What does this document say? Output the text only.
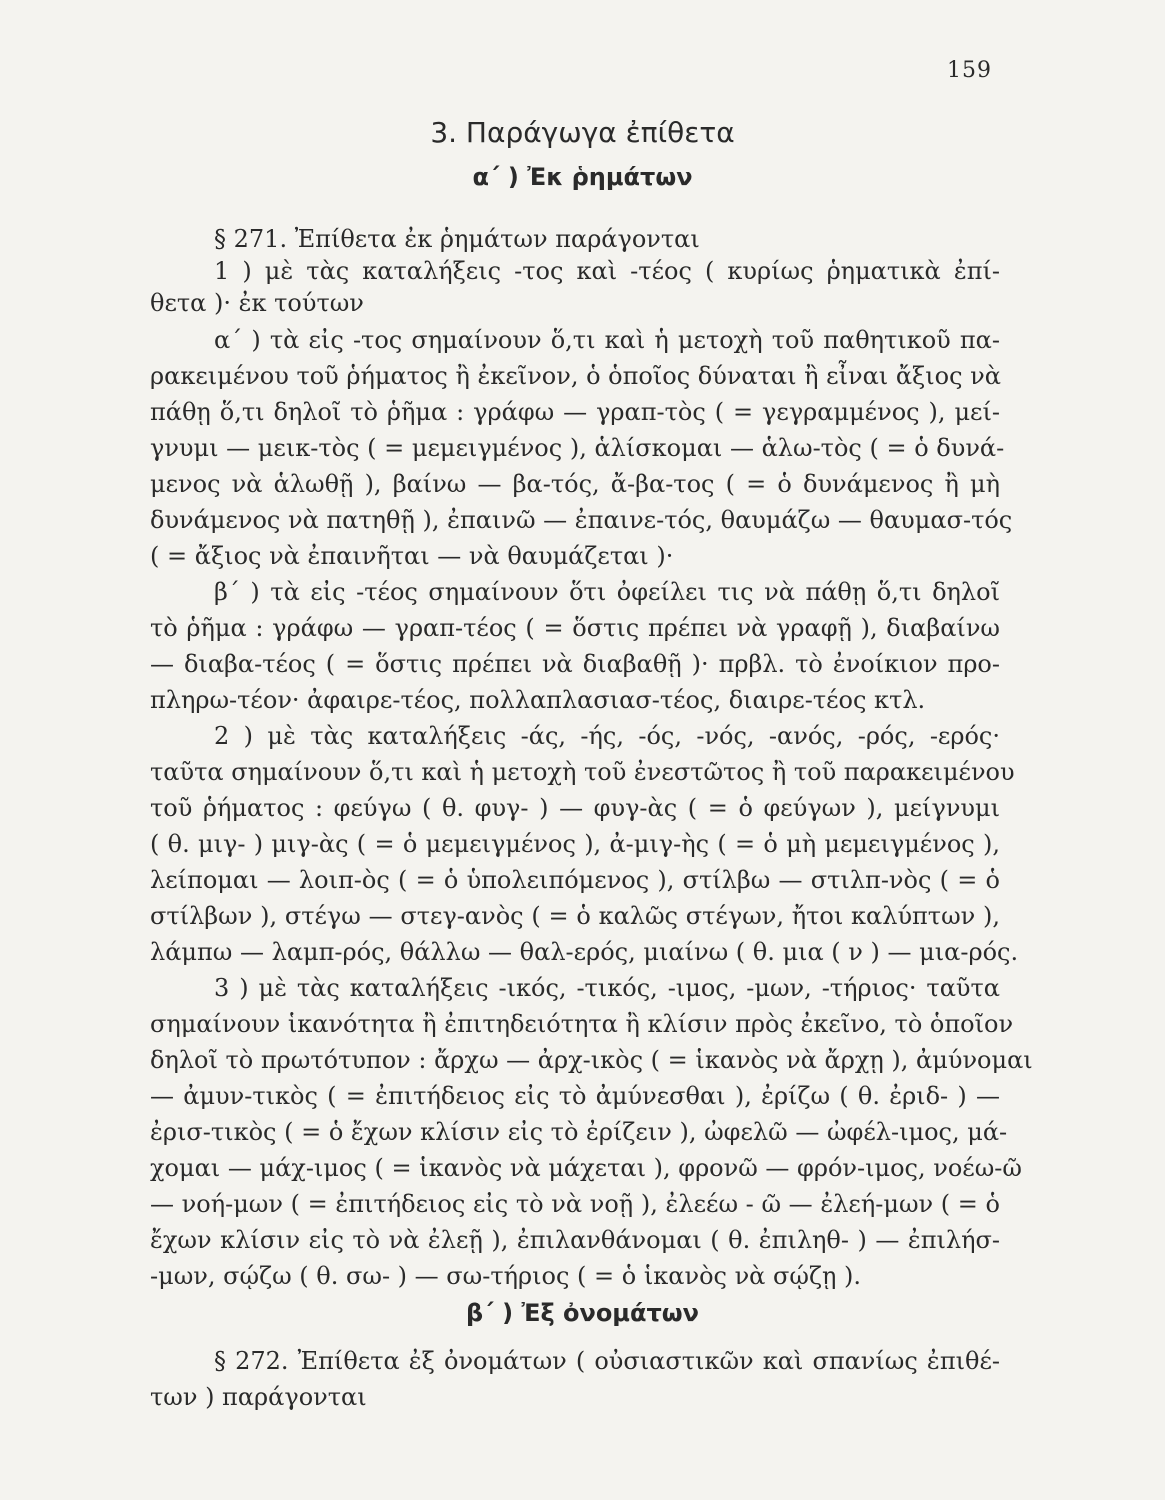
159
3. Παράγωγα ἐπίθετα
α΄ ) Ἐκ ῥημάτων
§ 271. Ἐπίθετα ἐκ ῥημάτων παράγονται
1 ) μὲ τὰς καταλήξεις -τος καὶ -τέος ( κυρίως ῥηματικὰ ἐπί-
θετα )· ἐκ τούτων
α΄ ) τὰ εἰς -τος σημαίνουν ὅ,τι καὶ ἡ μετοχὴ τοῦ παθητικοῦ πα-
ρακειμένου τοῦ ῥήματος ἢ ἐκεῖνον, ὁ ὁποῖος δύναται ἢ εἶναι ἄξιος νὰ
πάθῃ ὅ,τι δηλοῖ τὸ ῥῆμα : γράφω — γραπ-τὸς ( = γεγραμμένος ), μεί-
γνυμι — μεικ-τὸς ( = μεμειγμένος ), ἁλίσκομαι — ἁλω-τὸς ( = ὁ δυνά-
μενος νὰ ἁλωθῇ ), βαίνω — βα-τός, ἄ-βα-τος ( = ὁ δυνάμενος ἢ μὴ
δυνάμενος νὰ πατηθῇ ), ἐπαινῶ — ἐπαινε-τός, θαυμάζω — θαυμασ-τός
( = ἄξιος νὰ ἐπαινῆται — νὰ θαυμάζεται )·
β΄ ) τὰ εἰς -τέος σημαίνουν ὅτι ὀφείλει τις νὰ πάθῃ ὅ,τι δηλοῖ
τὸ ῥῆμα : γράφω — γραπ-τέος ( = ὅστις πρέπει νὰ γραφῇ ), διαβαίνω
— διαβα-τέος ( = ὅστις πρέπει νὰ διαβαθῇ )· πρβλ. τὸ ἐνοίκιον προ-
πληρω-τέον· ἀφαιρε-τέος, πολλαπλασιασ-τέος, διαιρε-τέος κτλ.
2 ) μὲ τὰς καταλήξεις -άς, -ής, -ός, -νός, -ανός, -ρός, -ερός·
ταῦτα σημαίνουν ὅ,τι καὶ ἡ μετοχὴ τοῦ ἐνεστῶτος ἢ τοῦ παρακειμένου
τοῦ ῥήματος : φεύγω ( θ. φυγ- ) — φυγ-ὰς ( = ὁ φεύγων ), μείγνυμι
( θ. μιγ- ) μιγ-ὰς ( = ὁ μεμειγμένος ), ἀ-μιγ-ὴς ( = ὁ μὴ μεμειγμένος ),
λείπομαι — λοιπ-ὸς ( = ὁ ὑπολειπόμενος ), στίλβω — στιλπ-νὸς ( = ὁ
στίλβων ), στέγω — στεγ-ανὸς ( = ὁ καλῶς στέγων, ἤτοι καλύπτων ),
λάμπω — λαμπ-ρός, θάλλω — θαλ-ερός, μιαίνω ( θ. μια ( ν ) — μια-ρός.
3 ) μὲ τὰς καταλήξεις -ικός, -τικός, -ιμος, -μων, -τήριος· ταῦτα
σημαίνουν ἱκανότητα ἢ ἐπιτηδειότητα ἢ κλίσιν πρὸς ἐκεῖνο, τὸ ὁποῖον
δηλοῖ τὸ πρωτότυπον : ἄρχω — ἀρχ-ικὸς ( = ἱκανὸς νὰ ἄρχῃ ), ἀμύνομαι
— ἀμυν-τικὸς ( = ἐπιτήδειος εἰς τὸ ἀμύνεσθαι ), ἐρίζω ( θ. ἐριδ- ) —
ἐρισ-τικὸς ( = ὁ ἔχων κλίσιν εἰς τὸ ἐρίζειν ), ὠφελῶ — ὠφέλ-ιμος, μά-
χομαι — μάχ-ιμος ( = ἱκανὸς νὰ μάχεται ), φρονῶ — φρόν-ιμος, νοέω-ῶ
— νοή-μων ( = ἐπιτήδειος εἰς τὸ νὰ νοῇ ), ἐλεέω - ῶ — ἐλεή-μων ( = ὁ
ἔχων κλίσιν εἰς τὸ νὰ ἐλεῇ ), ἐπιλανθάνομαι ( θ. ἐπιληθ- ) — ἐπιλήσ-
-μων, σῴζω ( θ. σω- ) — σω-τήριος ( = ὁ ἱκανὸς νὰ σῴζῃ ).
β΄ ) Ἐξ ὀνομάτων
§ 272. Ἐπίθετα ἐξ ὀνομάτων ( οὐσιαστικῶν καὶ σπανίως ἐπιθέ-
των ) παράγονται
